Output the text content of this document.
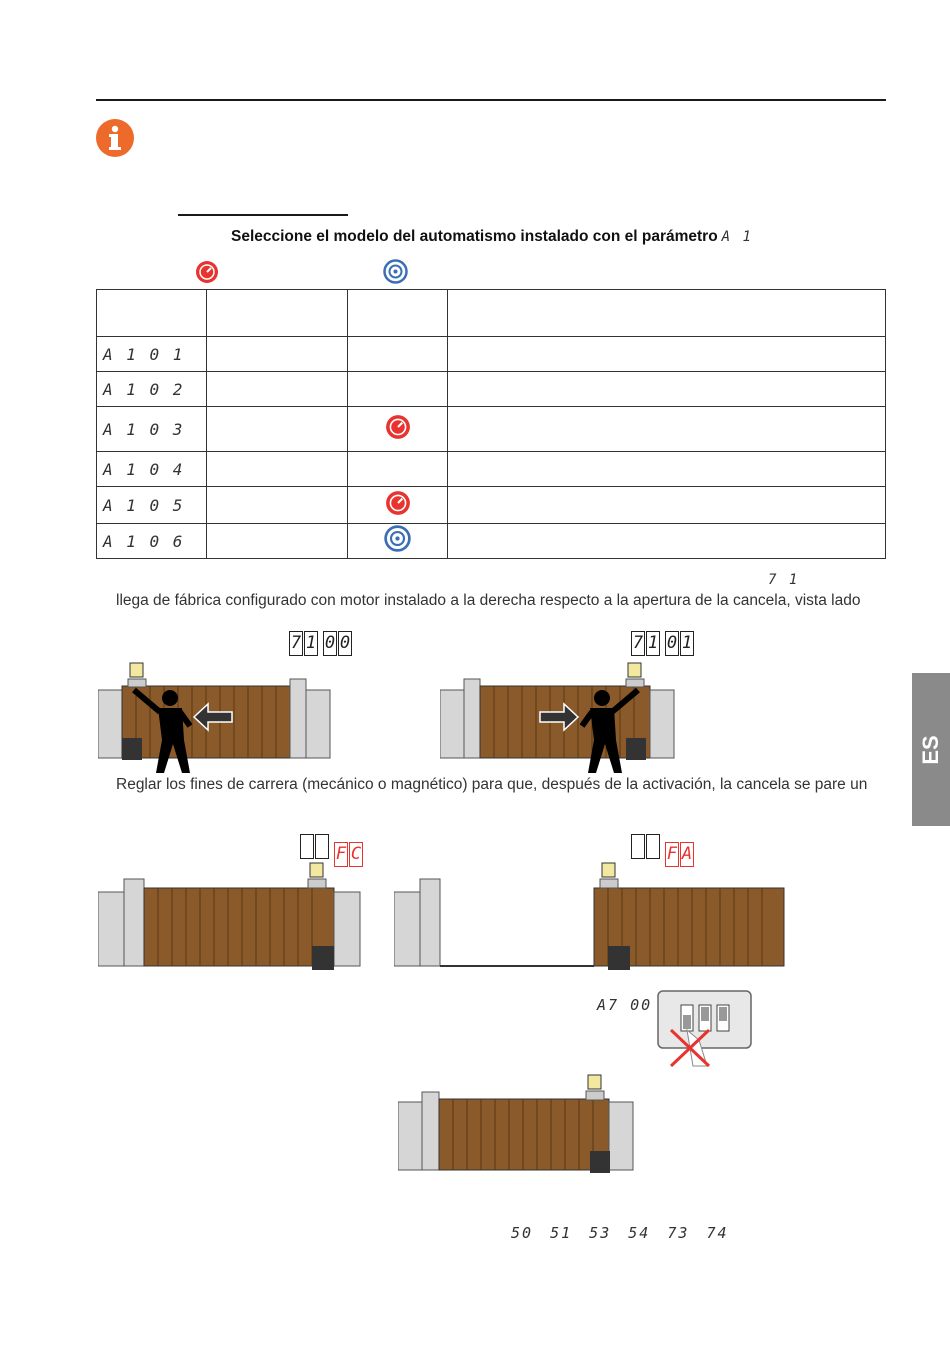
Seleccione el modelo del automatismo instalado con el parámetro A 1

A 1 0 1			
A 1 0 2			
A 1 0 3			
A 1 0 4			
A 1 0 5			
A 1 0 6			
7 1
llega de fábrica configurado con motor instalado a la derecha respecto a la apertura de la cancela, vista lado
7 1 0 0	7 1 0 1
Reglar los fines de carrera (mecánico o magnético) para que, después de la activación, la cancela se pare un
F C	F A
A7 00
50 51 53 54 73 74
ES
